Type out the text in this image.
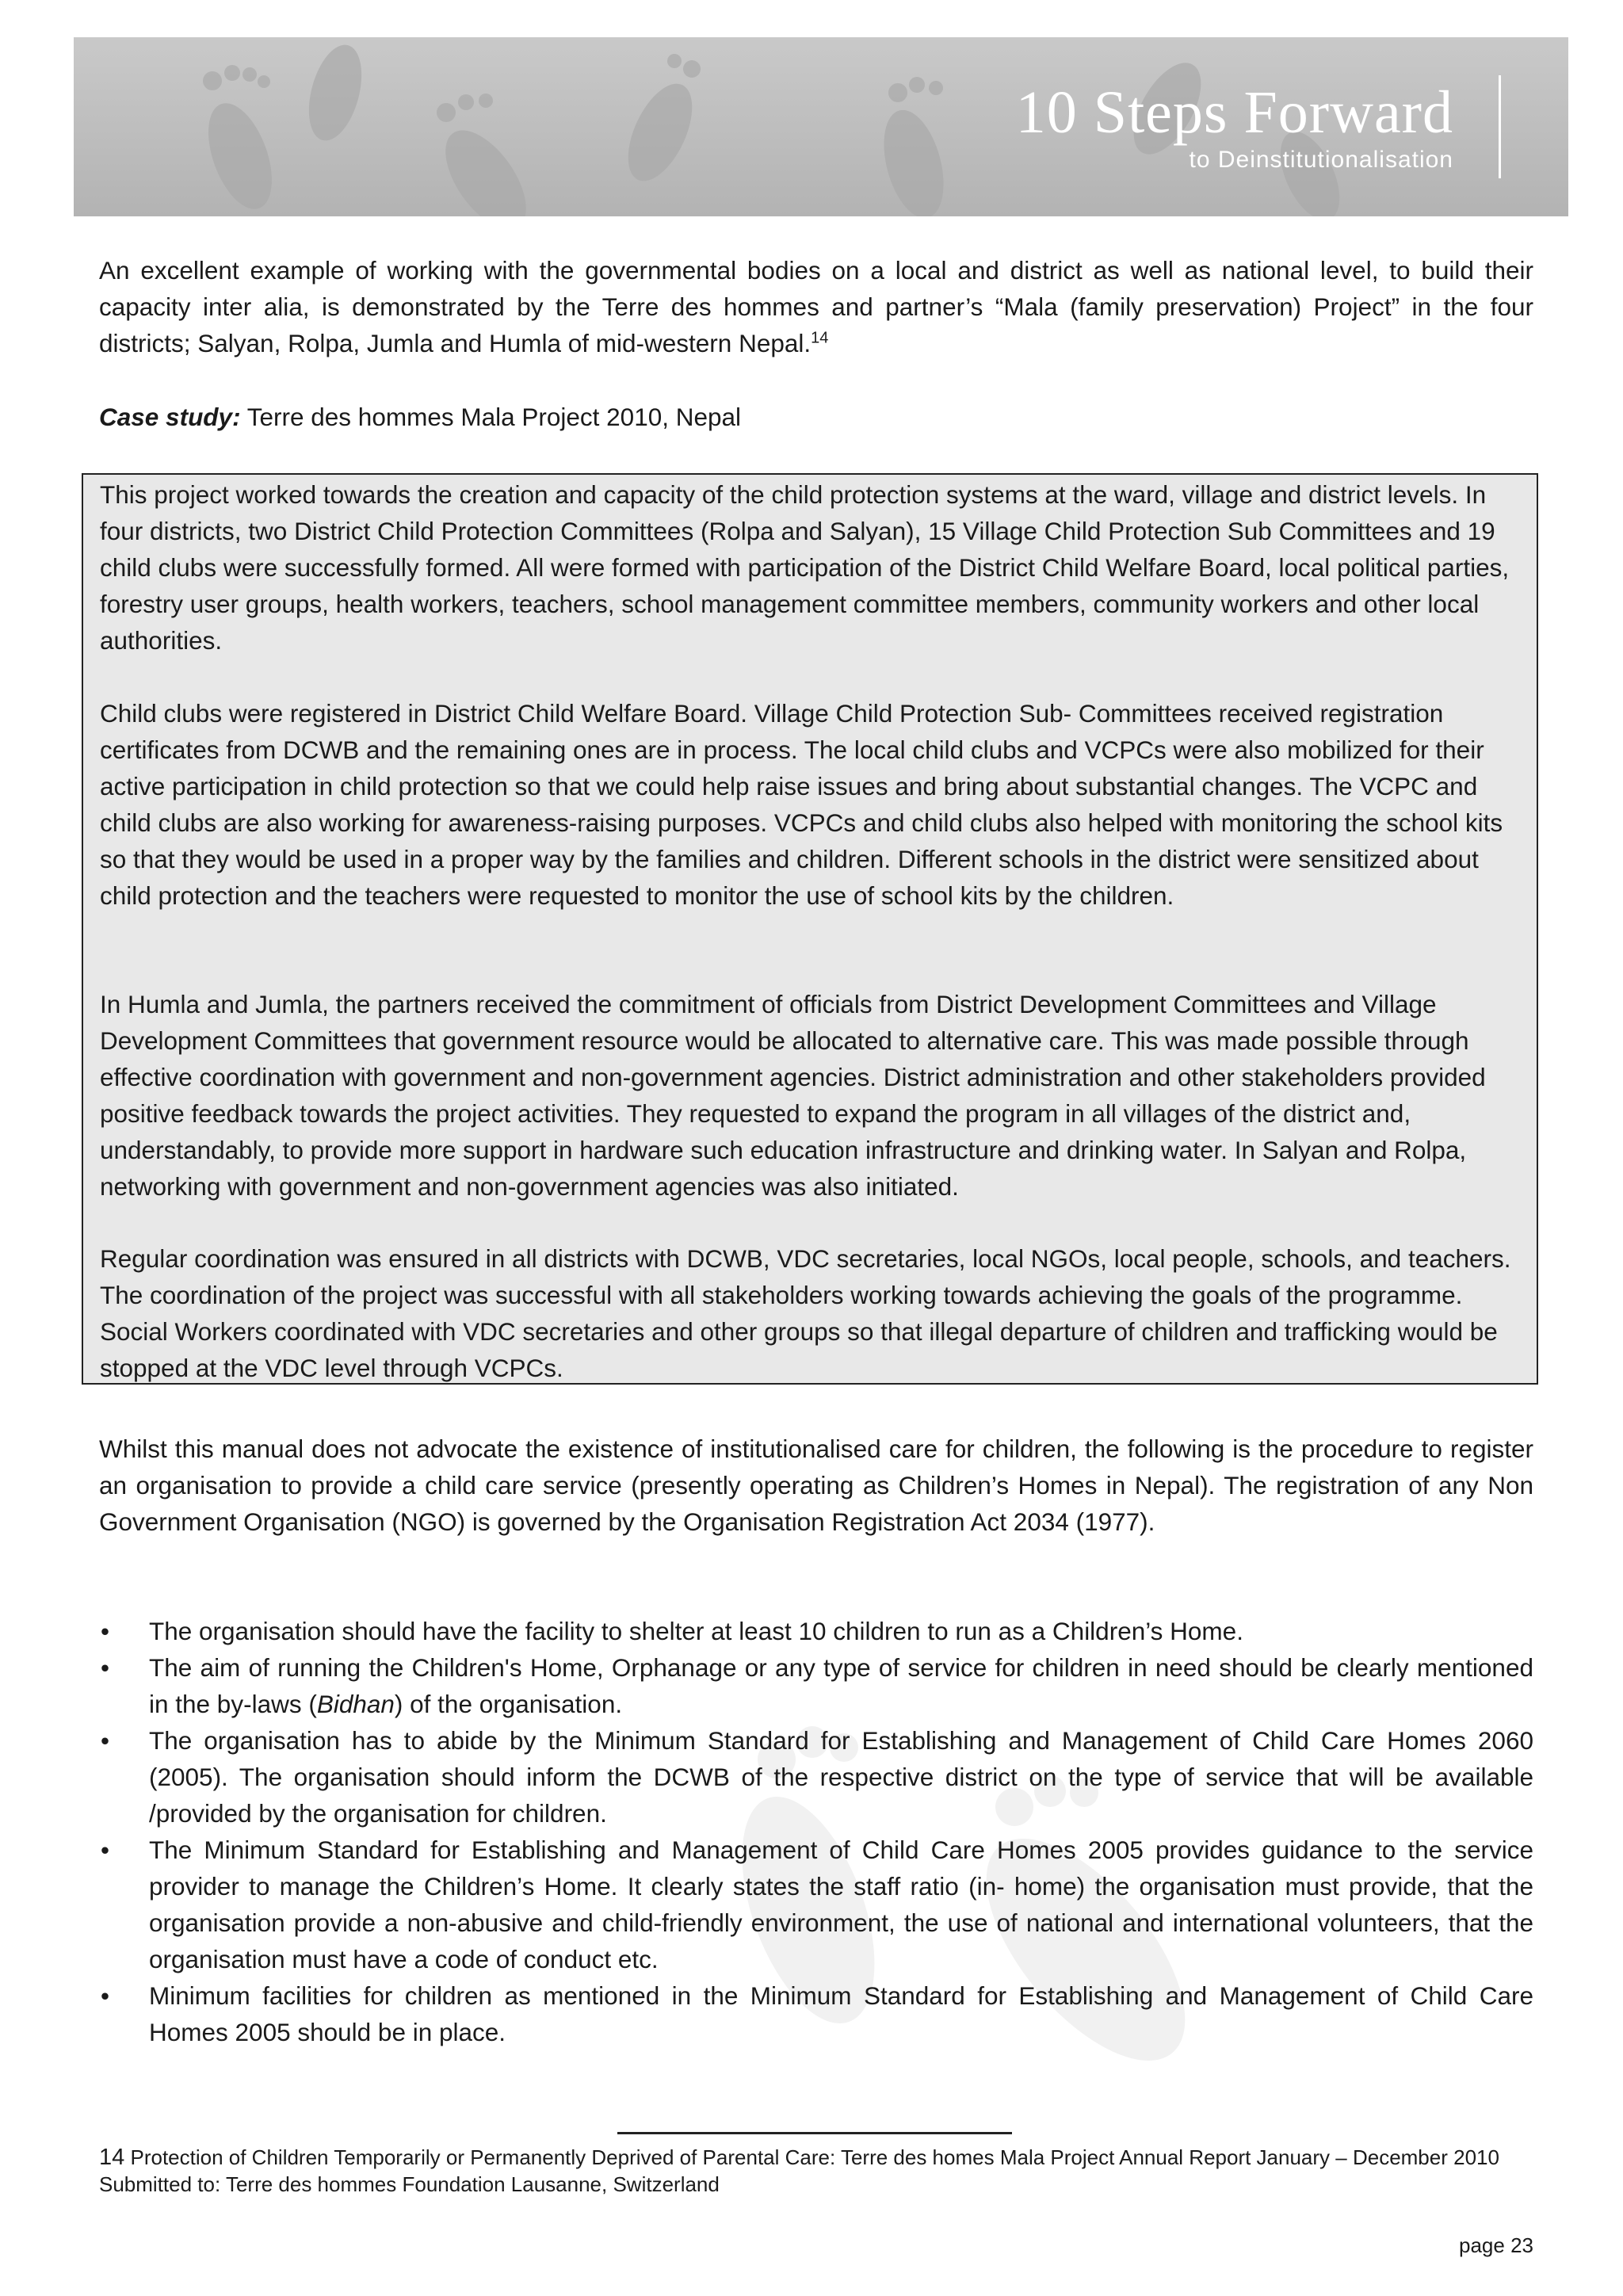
10 Steps Forward
to Deinstitutionalisation
An excellent example of working with the governmental bodies on a local and district as well as national level, to build their capacity inter alia, is demonstrated by the Terre des hommes and partner’s “Mala (family preservation) Project” in the four districts; Salyan, Rolpa, Jumla and Humla of mid-western Nepal.$^{14}$
Case study: Terre des hommes Mala Project 2010, Nepal

This project worked towards the creation and capacity of the child protection systems at the ward, village and district levels. In four districts, two District Child Protection Committees (Rolpa and Salyan), 15 Village Child Protection Sub Committees and 19 child clubs were successfully formed. All were formed with participation of the District Child Welfare Board, local political parties, forestry user groups, health workers, teachers, school management committee members, community workers and other local authorities.

Child clubs were registered in District Child Welfare Board. Village Child Protection Sub- Committees received registration certificates from DCWB and the remaining ones are in process. The local child clubs and VCPCs were also mobilized for their active participation in child protection so that we could help raise issues and bring about substantial changes. The VCPC and child clubs are also working for awareness-raising purposes. VCPCs and child clubs also helped with monitoring the school kits so that they would be used in a proper way by the families and children. Different schools in the district were sensitized about child protection and the teachers were requested to monitor the use of school kits by the children.

In Humla and Jumla, the partners received the commitment of officials from District Development Committees and Village Development Committees that government resource would be allocated to alternative care. This was made possible through effective coordination with government and non-government agencies. District administration and other stakeholders provided positive feedback towards the project activities. They requested to expand the program in all villages of the district and, understandably, to provide more support in hardware such education infrastructure and drinking water. In Salyan and Rolpa, networking with government and non-government agencies was also initiated.

Regular coordination was ensured in all districts with DCWB, VDC secretaries, local NGOs, local people, schools, and teachers. The coordination of the project was successful with all stakeholders working towards achieving the goals of the programme. Social Workers coordinated with VDC secretaries and other groups so that illegal departure of children and trafficking would be stopped at the VDC level through VCPCs.

Whilst this manual does not advocate the existence of institutionalised care for children, the following is the procedure to register an organisation to provide a child care service (presently operating as Children’s Homes in Nepal). The registration of any Non Government Organisation (NGO) is governed by the Organisation Registration Act 2034 (1977).
• The organisation should have the facility to shelter at least 10 children to run as a Children’s Home.
• The aim of running the Children's Home, Orphanage or any type of service for children in need should be clearly mentioned in the by-laws (Bidhan) of the organisation.
• The organisation has to abide by the Minimum Standard for Establishing and Management of Child Care Homes 2060 (2005). The organisation should inform the DCWB of the respective district on the type of service that will be available /provided by the organisation for children.
• The Minimum Standard for Establishing and Management of Child Care Homes 2005 provides guidance to the service provider to manage the Children’s Home. It clearly states the staff ratio (in- home) the organisation must provide, that the organisation provide a non-abusive and child-friendly environment, the use of national and international volunteers, that the organisation must have a code of conduct etc.
• Minimum facilities for children as mentioned in the Minimum Standard for Establishing and Management of Child Care Homes 2005 should be in place.
14 Protection of Children Temporarily or Permanently Deprived of Parental Care: Terre des homes Mala Project Annual Report January – December 2010 Submitted to: Terre des hommes Foundation Lausanne, Switzerland
page 23
